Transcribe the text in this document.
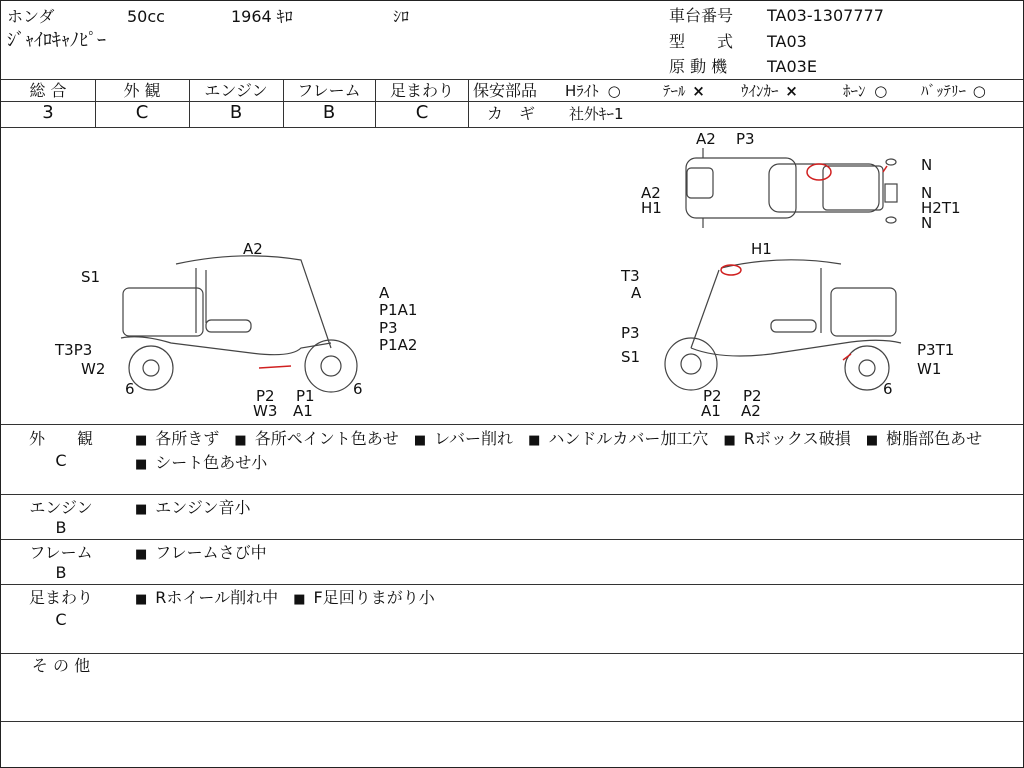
ホンダ	50cc	1964 ｷﾛ	ｼﾛ
ｼﾞｬｲﾛｷｬﾉﾋﾟｰ
車台番号 TA03-1307777
型　　式 TA03
原 動 機 TA03E
総 合	外 観	エンジン	フレーム	足まわり
3	C	B	B	C
保安部品 Hﾗｲﾄ ○	ﾃｰﾙ × ｳｲﾝｶｰ ×	ﾎｰﾝ ○ ﾊﾞｯﾃﾘｰ ○
カ　ギ 社外ｷｰ1
A2 P3
A2
H1
N
N
H2T1
N
A2
S1
A
P1A1
P3
T3P3	P1A2
W2
6	6
P2
W3
P1
A1
H1
T3
A
P3
S1	P3T1
W1
6
P2
A1
P2
A2
外　　観
C
■ 各所きず ■ 各所ペイント色あせ ■ レバー削れ ■ ハンドルカバー加工穴 ■ Rボックス破損 ■ 樹脂部色あせ ■ シート色あせ小
エンジン
B
■ エンジン音小
フレーム
B
■ フレームさび中
足まわり
C
■ Rホイール削れ中 ■ F足回りまがり小
そ の 他
